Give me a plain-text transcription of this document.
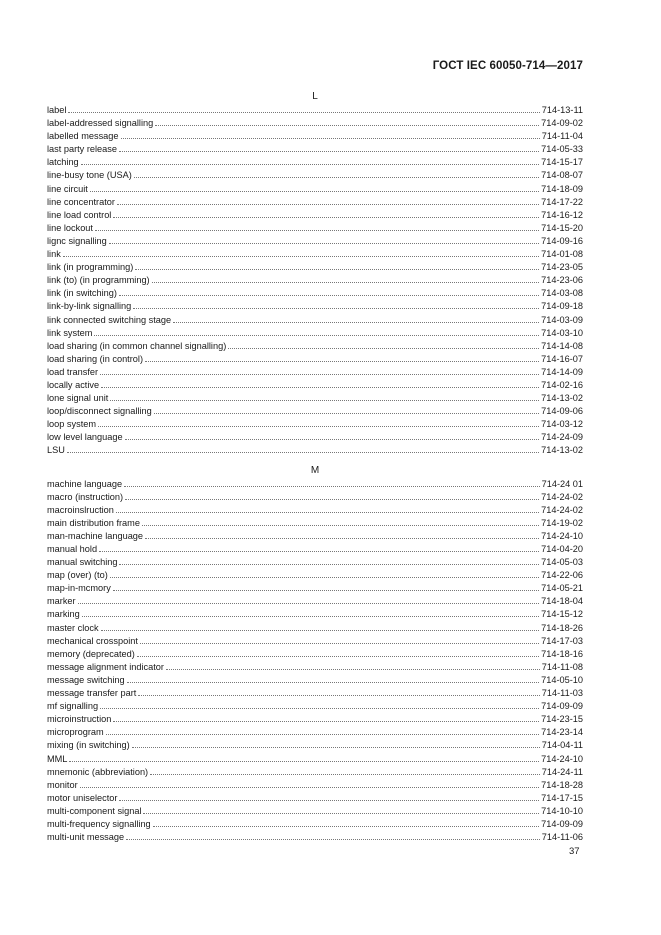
ГОСТ IEC 60050-714—2017
L
label	714-13-11
label-addressed signalling	714-09-02
labelled message	714-11-04
last party release	714-05-33
latching	714-15-17
line-busy tone (USA)	714-08-07
line circuit	714-18-09
line concentrator	714-17-22
line load control	714-16-12
line lockout	714-15-20
lignc signalling	714-09-16
link	714-01-08
link (in programming)	714-23-05
link (to) (in programming)	714-23-06
link (in switching)	714-03-08
link-by-link signalling	714-09-18
link connected switching stage	714-03-09
link system	714-03-10
load sharing (in common channel signalling)	714-14-08
load sharing (in control)	714-16-07
load transfer	714-14-09
locally active	714-02-16
lone signal unit	714-13-02
loop/disconnect signalling	714-09-06
loop system	714-03-12
low level language	714-24-09
LSU	714-13-02
M
machine language	714-24 01
macro (instruction)	714-24-02
macroinslruction	714-24-02
main distribution frame	714-19-02
man-machine language	714-24-10
manual hold	714-04-20
manual switching	714-05-03
map (over) (to)	714-22-06
map-in-mcmory	714-05-21
marker	714-18-04
marking	714-15-12
master clock	714-18-26
mechanical crosspoint	714-17-03
memory (deprecated)	714-18-16
message alignment indicator	714-11-08
message switching	714-05-10
message transfer part	714-11-03
mf signalling	714-09-09
microinstruction	714-23-15
microprogram	714-23-14
mixing (in switching)	714-04-11
MML	714-24-10
mnemonic (abbreviation)	714-24-11
monitor	714-18-28
motor uniselector	714-17-15
multi-component signal	714-10-10
multi-frequency signalling	714-09-09
multi-unit message	714-11-06
37
